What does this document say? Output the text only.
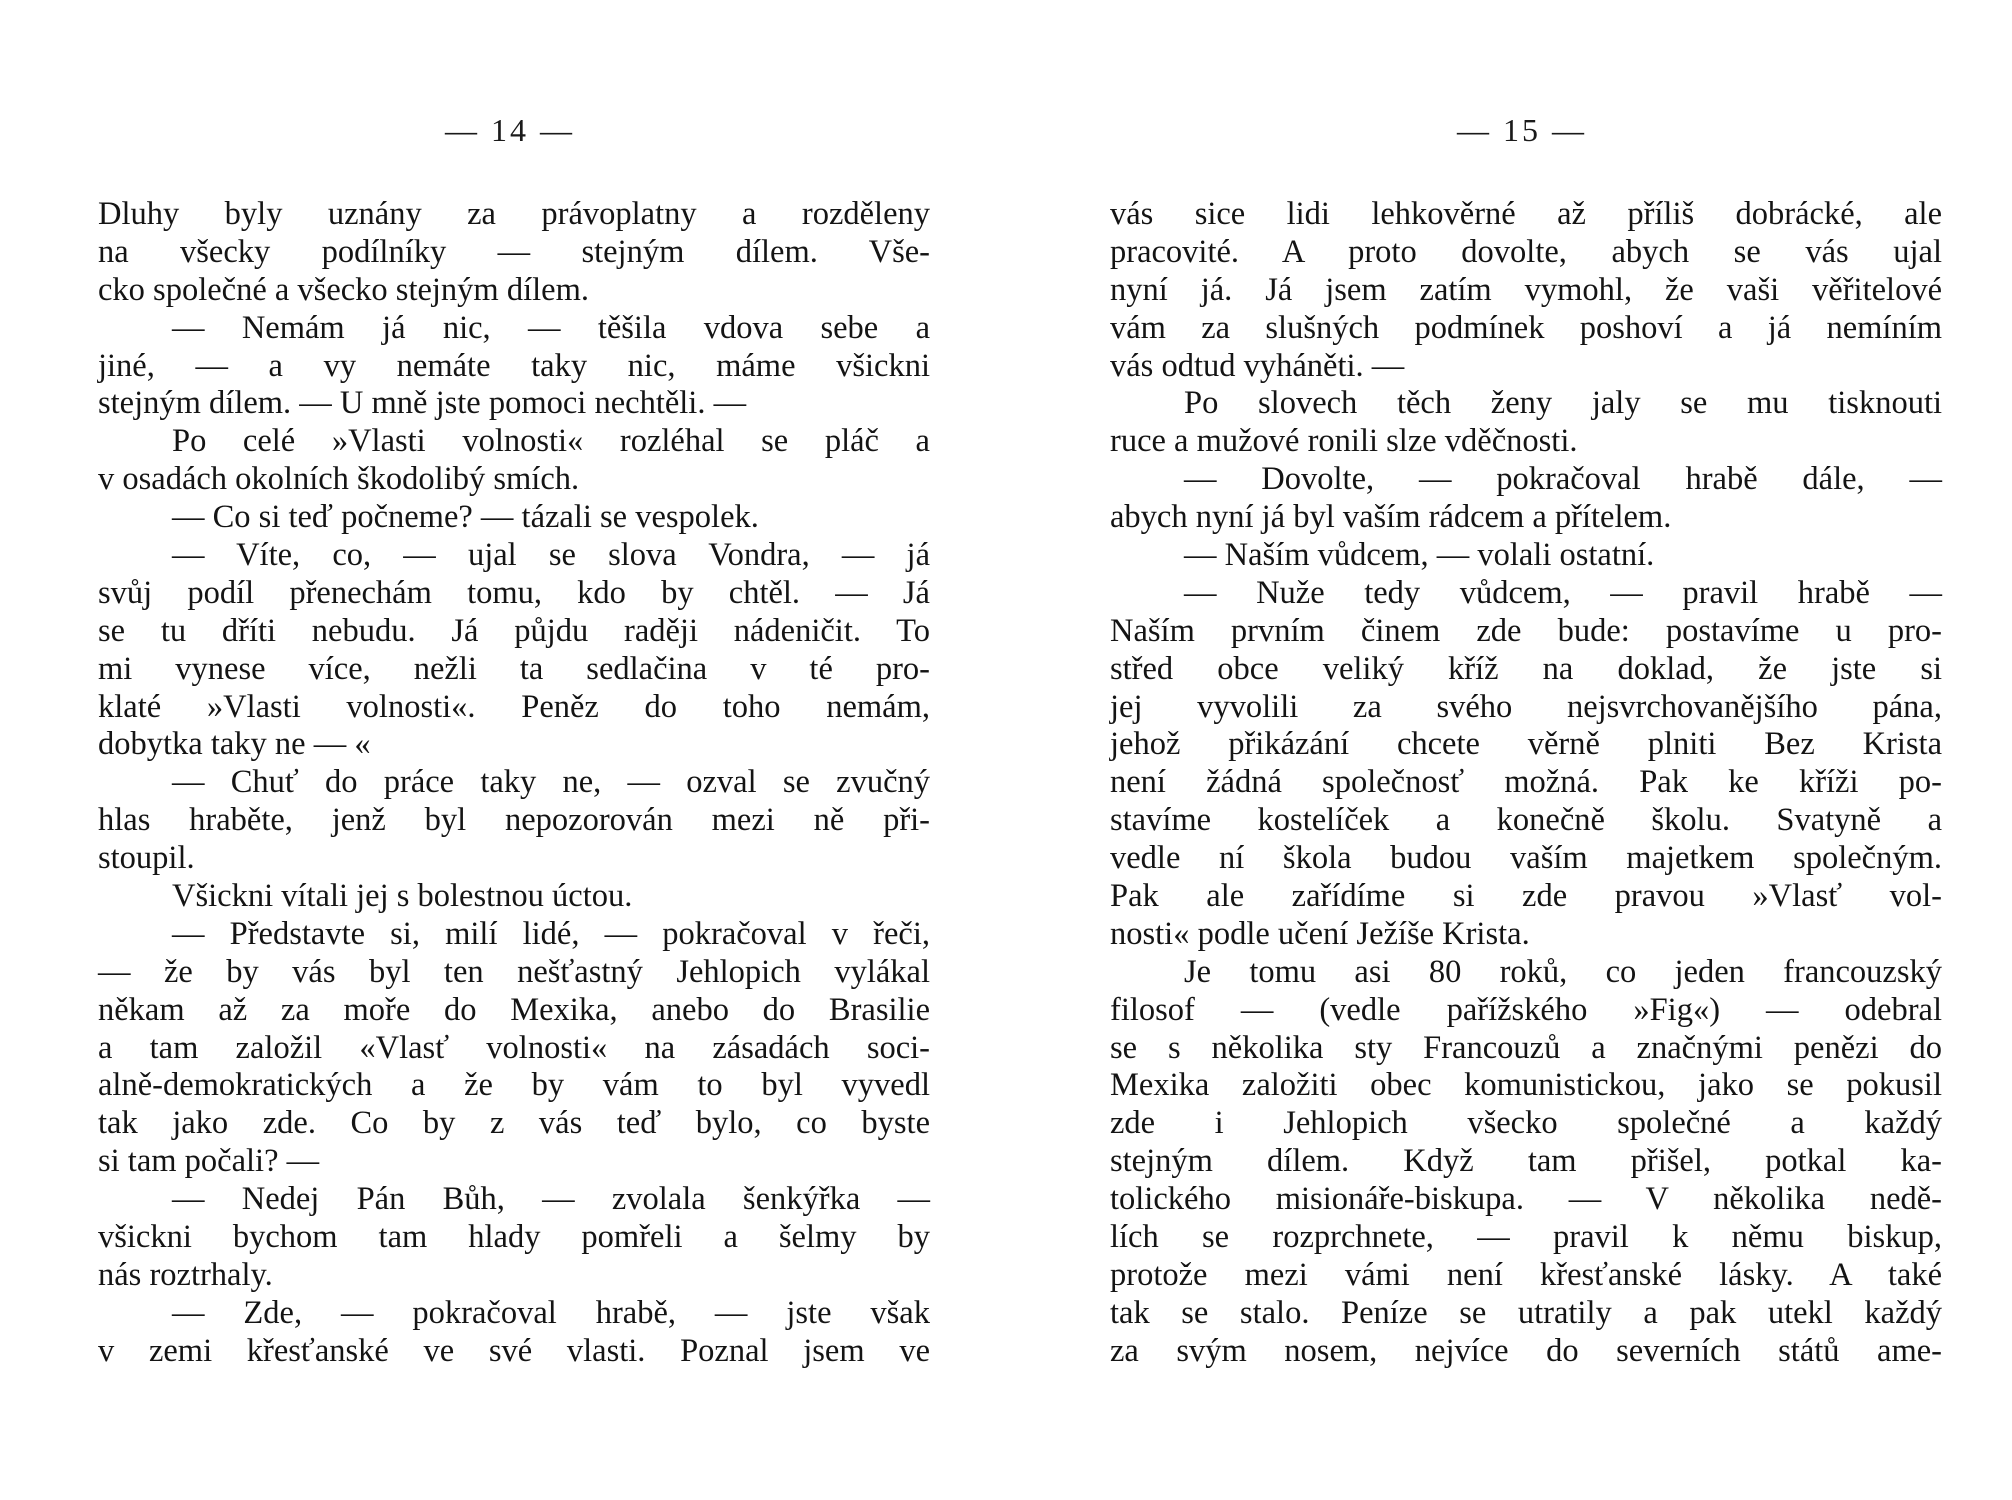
— 14 —
Dluhy byly uznány za právoplatny a rozděleny
na všecky podílníky — stejným dílem. Vše-
cko společné a všecko stejným dílem.
— Nemám já nic, — těšila vdova sebe a
jiné, — a vy nemáte taky nic, máme všickni
stejným dílem. — U mně jste pomoci nechtěli. —
Po celé »Vlasti volnosti« rozléhal se pláč a
v osadách okolních škodolibý smích.
— Co si teď počneme? — tázali se vespolek.
— Víte, co, — ujal se slova Vondra, — já
svůj podíl přenechám tomu, kdo by chtěl. — Já
se tu dříti nebudu. Já půjdu raději nádeničit. To
mi vynese více, nežli ta sedlačina v té pro-
klaté »Vlasti volnosti«. Peněz do toho nemám,
dobytka taky ne — «
— Chuť do práce taky ne, — ozval se zvučný
hlas hraběte, jenž byl nepozorován mezi ně při-
stoupil.
Všickni vítali jej s bolestnou úctou.
— Představte si, milí lidé, — pokračoval v řeči,
— že by vás byl ten nešťastný Jehlopich vylákal
někam až za moře do Mexika, anebo do Brasilie
a tam založil «Vlasť volnosti« na zásadách soci-
alně-demokratických a že by vám to byl vyvedl
tak jako zde. Co by z vás teď bylo, co byste
si tam počali? —
— Nedej Pán Bůh, — zvolala šenkýřka —
všickni bychom tam hlady pomřeli a šelmy by
nás roztrhaly.
— Zde, — pokračoval hrabě, — jste však
v zemi křesťanské ve své vlasti. Poznal jsem ve
— 15 —
vás sice lidi lehkověrné až příliš dobrácké, ale
pracovité. A proto dovolte, abych se vás ujal
nyní já. Já jsem zatím vymohl, že vaši věřitelové
vám za slušných podmínek poshoví a já nemíním
vás odtud vyháněti. —
Po slovech těch ženy jaly se mu tisknouti
ruce a mužové ronili slze vděčnosti.
— Dovolte, — pokračoval hrabě dále, —
abych nyní já byl vaším rádcem a přítelem.
— Naším vůdcem, — volali ostatní.
— Nuže tedy vůdcem, — pravil hrabě —
Naším prvním činem zde bude: postavíme u pro-
střed obce veliký kříž na doklad, že jste si
jej vyvolili za svého nejsvrchovanějšího pána,
jehož přikázání chcete věrně plniti Bez Krista
není žádná společnosť možná. Pak ke kříži po-
stavíme kostelíček a konečně školu. Svatyně a
vedle ní škola budou vaším majetkem společným.
Pak ale zařídíme si zde pravou »Vlasť vol-
nosti« podle učení Ježíše Krista.
Je tomu asi 80 roků, co jeden francouzský
filosof — (vedle pařížského »Fig«) — odebral
se s několika sty Francouzů a značnými penězi do
Mexika založiti obec komunistickou, jako se pokusil
zde i Jehlopich všecko společné a každý
stejným dílem. Když tam přišel, potkal ka-
tolického misionáře-biskupa. — V několika nedě-
lích se rozprchnete, — pravil k němu biskup,
protože mezi vámi není křesťanské lásky. A také
tak se stalo. Peníze se utratily a pak utekl každý
za svým nosem, nejvíce do severních států ame-
